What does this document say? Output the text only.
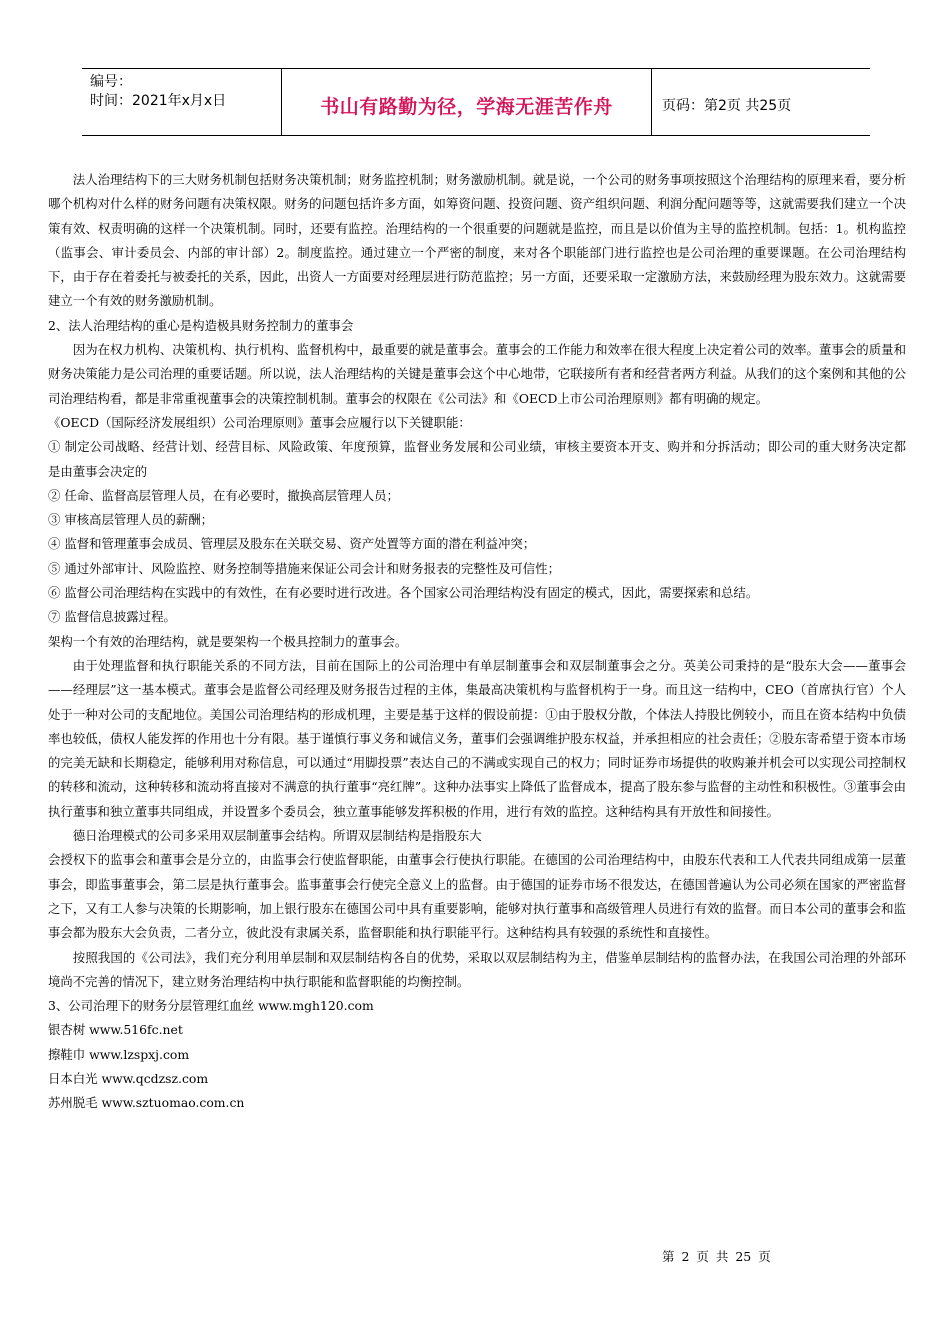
编号：
时间：2021年x月x日	书山有路勤为径，学海无涯苦作舟	页码：第2页 共25页

法人治理结构下的三大财务机制包括财务决策机制；财务监控机制；财务激励机制。就是说，一个公司的财务事项按照这个治理结构的原理来看，要分析哪个机构对什么样的财务问题有决策权限。财务的问题包括许多方面，如筹资问题、投资问题、资产组织问题、利润分配问题等等，这就需要我们建立一个决策有效、权责明确的这样一个决策机制。同时，还要有监控。治理结构的一个很重要的问题就是监控，而且是以价值为主导的监控机制。包括：1。机构监控（监事会、审计委员会、内部的审计部）2。制度监控。通过建立一个严密的制度，来对各个职能部门进行监控也是公司治理的重要课题。在公司治理结构下，由于存在着委托与被委托的关系，因此，出资人一方面要对经理层进行防范监控；另一方面，还要采取一定激励方法，来鼓励经理为股东效力。这就需要建立一个有效的财务激励机制。

2、法人治理结构的重心是构造极具财务控制力的董事会

因为在权力机构、决策机构、执行机构、监督机构中，最重要的就是董事会。董事会的工作能力和效率在很大程度上决定着公司的效率。董事会的质量和财务决策能力是公司治理的重要话题。所以说，法人治理结构的关键是董事会这个中心地带，它联接所有者和经营者两方利益。从我们的这个案例和其他的公司治理结构看，都是非常重视董事会的决策控制机制。董事会的权限在《公司法》和《OECD上市公司治理原则》都有明确的规定。

《OECD（国际经济发展组织）公司治理原则》董事会应履行以下关键职能：

① 制定公司战略、经营计划、经营目标、风险政策、年度预算，监督业务发展和公司业绩，审核主要资本开支、购并和分拆活动；即公司的重大财务决定都是由董事会决定的

② 任命、监督高层管理人员，在有必要时，撤换高层管理人员；

③ 审核高层管理人员的薪酬；

④ 监督和管理董事会成员、管理层及股东在关联交易、资产处置等方面的潜在利益冲突；

⑤ 通过外部审计、风险监控、财务控制等措施来保证公司会计和财务报表的完整性及可信性；

⑥ 监督公司治理结构在实践中的有效性，在有必要时进行改进。各个国家公司治理结构没有固定的模式，因此，需要探索和总结。

⑦ 监督信息披露过程。

架构一个有效的治理结构，就是要架构一个极具控制力的董事会。

由于处理监督和执行职能关系的不同方法，目前在国际上的公司治理中有单层制董事会和双层制董事会之分。英美公司秉持的是“股东大会——董事会——经理层”这一基本模式。董事会是监督公司经理及财务报告过程的主体，集最高决策机构与监督机构于一身。而且这一结构中，CEO（首席执行官）个人处于一种对公司的支配地位。美国公司治理结构的形成机理，主要是基于这样的假设前提：①由于股权分散，个体法人持股比例较小，而且在资本结构中负债率也较低，债权人能发挥的作用也十分有限。基于谨慎行事义务和诚信义务，董事们会强调维护股东权益，并承担相应的社会责任；②股东寄希望于资本市场的完美无缺和长期稳定，能够利用对称信息，可以通过“用脚投票”表达自己的不满或实现自己的权力；同时证券市场提供的收购兼并机会可以实现公司控制权的转移和流动，这种转移和流动将直接对不满意的执行董事“亮红牌”。这种办法事实上降低了监督成本，提高了股东参与监督的主动性和积极性。③董事会由执行董事和独立董事共同组成，并设置多个委员会，独立董事能够发挥积极的作用，进行有效的监控。这种结构具有开放性和间接性。

德日治理模式的公司多采用双层制董事会结构。所谓双层制结构是指股东大

会授权下的监事会和董事会是分立的，由监事会行使监督职能，由董事会行使执行职能。在德国的公司治理结构中，由股东代表和工人代表共同组成第一层董事会，即监事董事会，第二层是执行董事会。监事董事会行使完全意义上的监督。由于德国的证券市场不很发达，在德国普遍认为公司必须在国家的严密监督之下，又有工人参与决策的长期影响，加上银行股东在德国公司中具有重要影响，能够对执行董事和高级管理人员进行有效的监督。而日本公司的董事会和监事会都为股东大会负责，二者分立，彼此没有隶属关系，监督职能和执行职能平行。这种结构具有较强的系统性和直接性。

按照我国的《公司法》，我们充分利用单层制和双层制结构各自的优势，采取以双层制结构为主，借鉴单层制结构的监督办法，在我国公司治理的外部环境尚不完善的情况下，建立财务治理结构中执行职能和监督职能的均衡控制。

3、公司治理下的财务分层管理红血丝 www.mgh120.com

银杏树 www.516fc.net

擦鞋巾 www.lzspxj.com

日本白光 www.qcdzsz.com

苏州脱毛 www.sztuomao.com.cn

第 2 页 共 25 页
